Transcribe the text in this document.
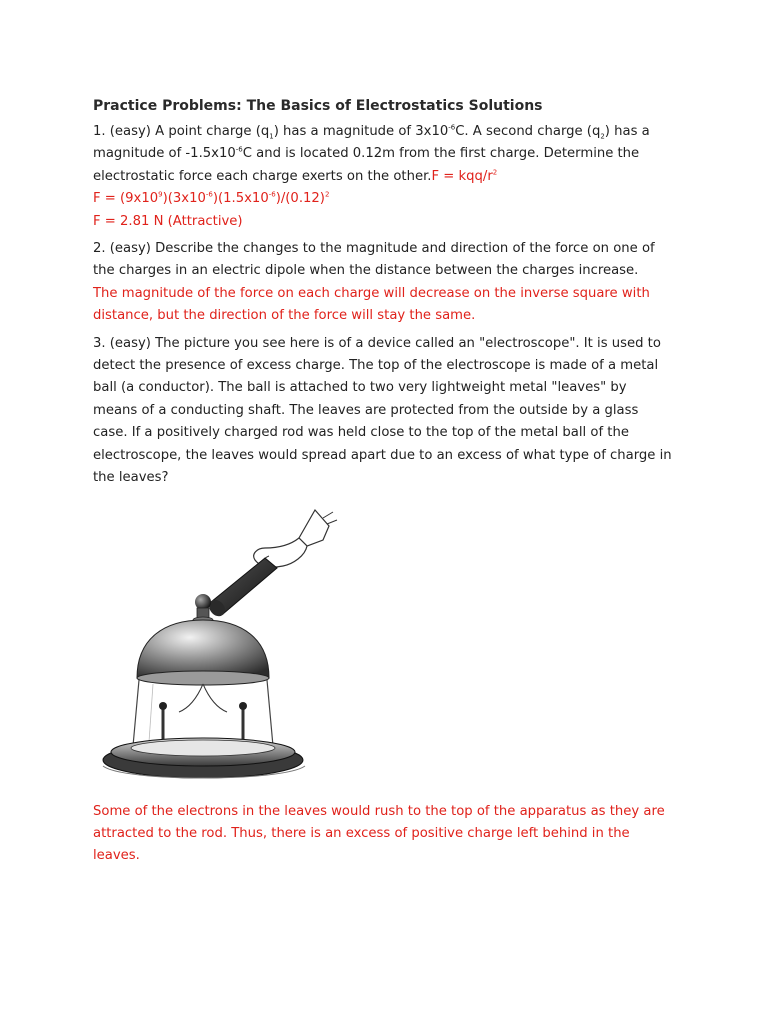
Practice Problems: The Basics of Electrostatics Solutions

1. (easy) A point charge $(q_1)$ has a magnitude of $3x10^{-6}C$. A second charge $(q_2)$ has a magnitude of $-1.5x10^{-6}C$ and is located 0.12m from the first charge. Determine the electrostatic force each charge exerts on the other.F = kqq/$r^2$

$F = (9x10^9)(3x10^{-6})(1.5x10^{-6})/(0.12)^2$

F = 2.81 N (Attractive)

2. (easy) Describe the changes to the magnitude and direction of the force on one of the charges in an electric dipole when the distance between the charges increase.

The magnitude of the force on each charge will decrease on the inverse square with distance, but the direction of the force will stay the same.

3. (easy) The picture you see here is of a device called an "electroscope". It is used to detect the presence of excess charge. The top of the electroscope is made of a metal ball (a conductor). The ball is attached to two very lightweight metal "leaves" by means of a conducting shaft. The leaves are protected from the outside by a glass case. If a positively charged rod was held close to the top of the metal ball of the electroscope, the leaves would spread apart due to an excess of what type of charge in the leaves?

Some of the electrons in the leaves would rush to the top of the apparatus as they are attracted to the rod. Thus, there is an excess of positive charge left behind in the leaves.
